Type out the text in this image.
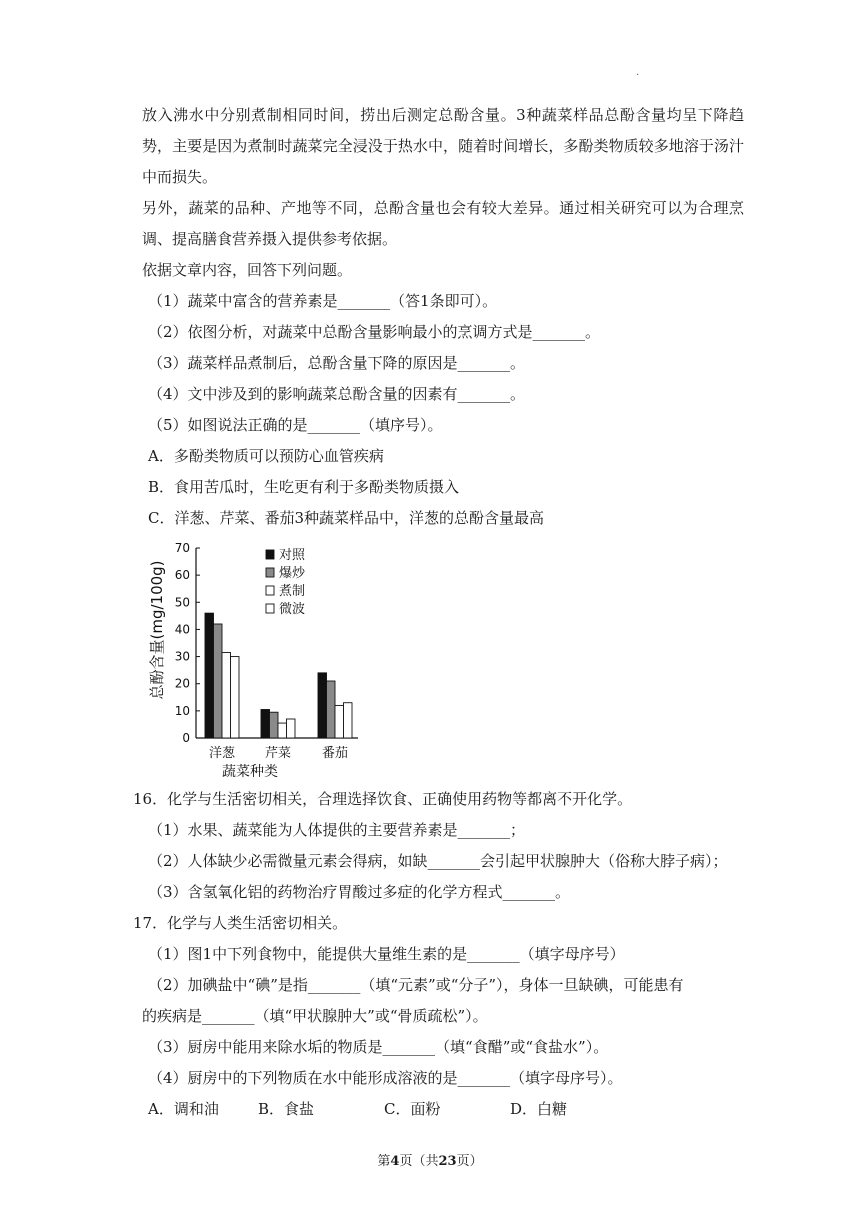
·

放入沸水中分别煮制相同时间，捞出后测定总酚含量。3种蔬菜样品总酚含量均呈下降趋势，主要是因为煮制时蔬菜完全浸没于热水中，随着时间增长，多酚类物质较多地溶于汤汁中而损失。

另外，蔬菜的品种、产地等不同，总酚含量也会有较大差异。通过相关研究可以为合理烹调、提高膳食营养摄入提供参考依据。

依据文章内容，回答下列问题。

（1）蔬菜中富含的营养素是_______（答1条即可）。

（2）依图分析，对蔬菜中总酚含量影响最小的烹调方式是_______。

（3）蔬菜样品煮制后，总酚含量下降的原因是_______。

（4）文中涉及到的影响蔬菜总酚含量的因素有_______。

（5）如图说法正确的是_______（填序号）。

A．多酚类物质可以预防心血管疾病

B．食用苦瓜时，生吃更有利于多酚类物质摄入

C．洋葱、芹菜、番茄3种蔬菜样品中，洋葱的总酚含量最高

0
10
20
30
40
50
60
70	对照
爆炒
煮制
微波
洋葱 芹菜 番茄
总酚含量(mg/100g)
蔬菜种类

16．化学与生活密切相关，合理选择饮食、正确使用药物等都离不开化学。

（1）水果、蔬菜能为人体提供的主要营养素是_______；

（2）人体缺少必需微量元素会得病，如缺_______会引起甲状腺肿大（俗称大脖子病）；

（3）含氢氧化铝的药物治疗胃酸过多症的化学方程式_______。

17．化学与人类生活密切相关。

（1）图1中下列食物中，能提供大量维生素的是_______（填字母序号）

（2）加碘盐中“碘”是指_______（填“元素”或“分子”），身体一旦缺碘，可能患有

的疾病是_______（填“甲状腺肿大”或“骨质疏松”）。

（3）厨房中能用来除水垢的物质是_______（填“食醋”或“食盐水”）。

（4）厨房中的下列物质在水中能形成溶液的是_______（填字母序号）。

A．调和油	B．食盐	C．面粉	D．白糖
第4页（共23页）
